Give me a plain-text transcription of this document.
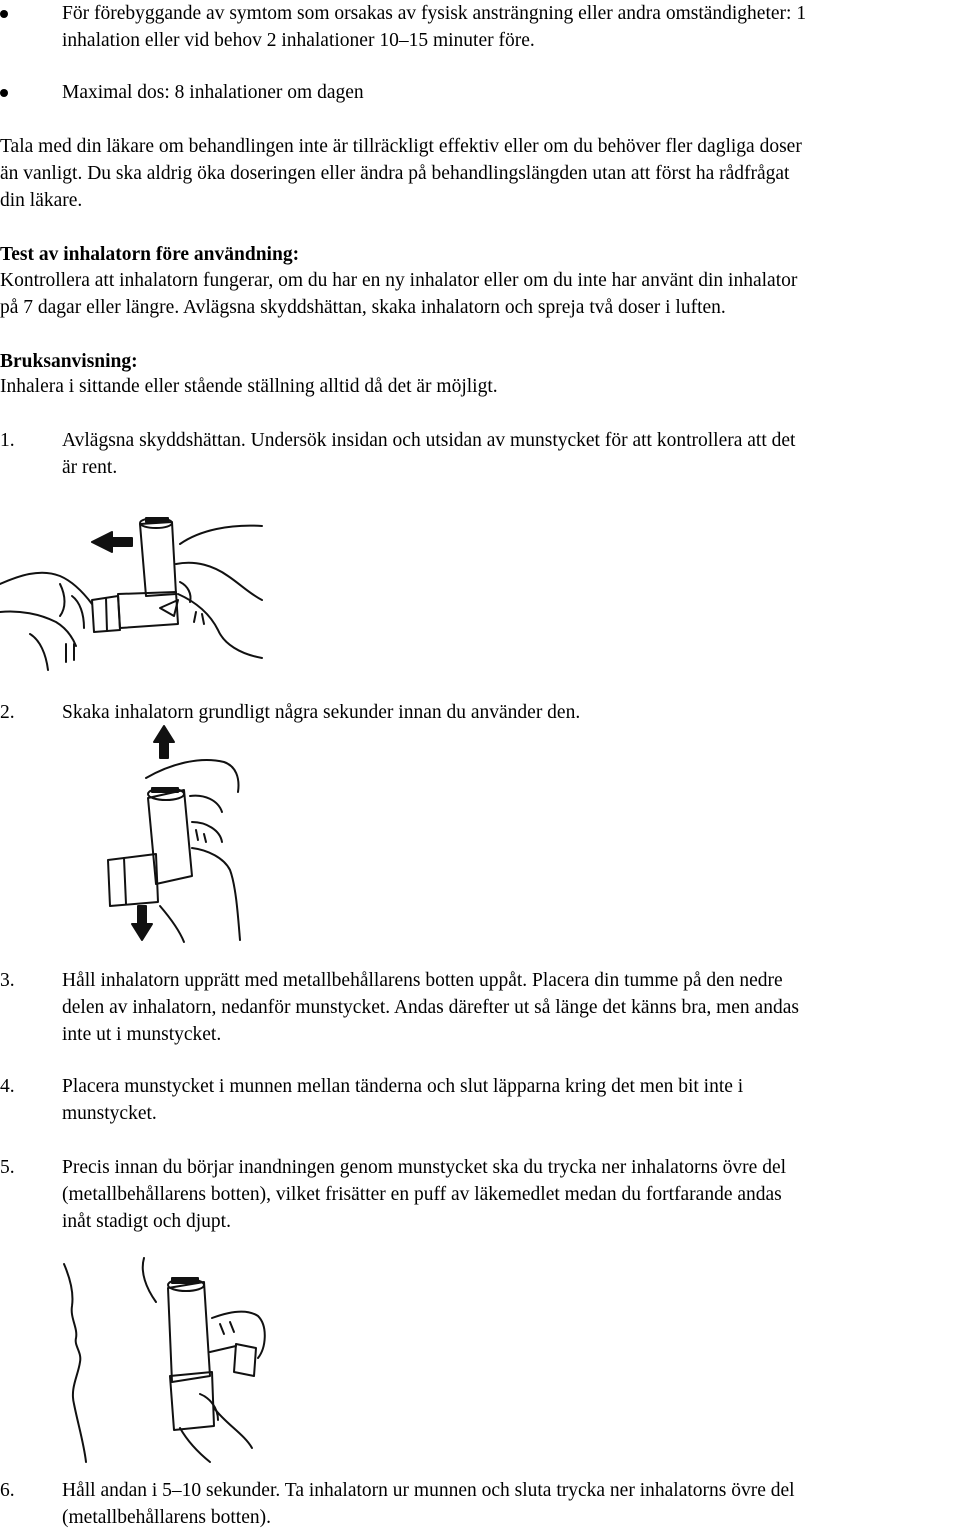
För förebyggande av symtom som orsakas av fysisk ansträngning eller andra omständigheter: 1
inhalation eller vid behov 2 inhalationer 10–15 minuter före.
Maximal dos: 8 inhalationer om dagen
Tala med din läkare om behandlingen inte är tillräckligt effektiv eller om du behöver fler dagliga doser
än vanligt. Du ska aldrig öka doseringen eller ändra på behandlingslängden utan att först ha rådfrågat
din läkare.
Test av inhalatorn före användning:
Kontrollera att inhalatorn fungerar, om du har en ny inhalator eller om du inte har använt din inhalator
på 7 dagar eller längre. Avlägsna skyddshättan, skaka inhalatorn och spreja två doser i luften.
Bruksanvisning:
Inhalera i sittande eller stående ställning alltid då det är möjligt.
1. Avlägsna skyddshättan. Undersök insidan och utsidan av munstycket för att kontrollera att det
är rent.
2. Skaka inhalatorn grundligt några sekunder innan du använder den.
3. Håll inhalatorn upprätt med metallbehållarens botten uppåt. Placera din tumme på den nedre
delen av inhalatorn, nedanför munstycket. Andas därefter ut så länge det känns bra, men andas
inte ut i munstycket.
4. Placera munstycket i munnen mellan tänderna och slut läpparna kring det men bit inte i
munstycket.
5. Precis innan du börjar inandningen genom munstycket ska du trycka ner inhalatorns övre del
(metallbehållarens botten), vilket frisätter en puff av läkemedlet medan du fortfarande andas
inåt stadigt och djupt.
6. Håll andan i 5–10 sekunder. Ta inhalatorn ur munnen och sluta trycka ner inhalatorns övre del
(metallbehållarens botten).
